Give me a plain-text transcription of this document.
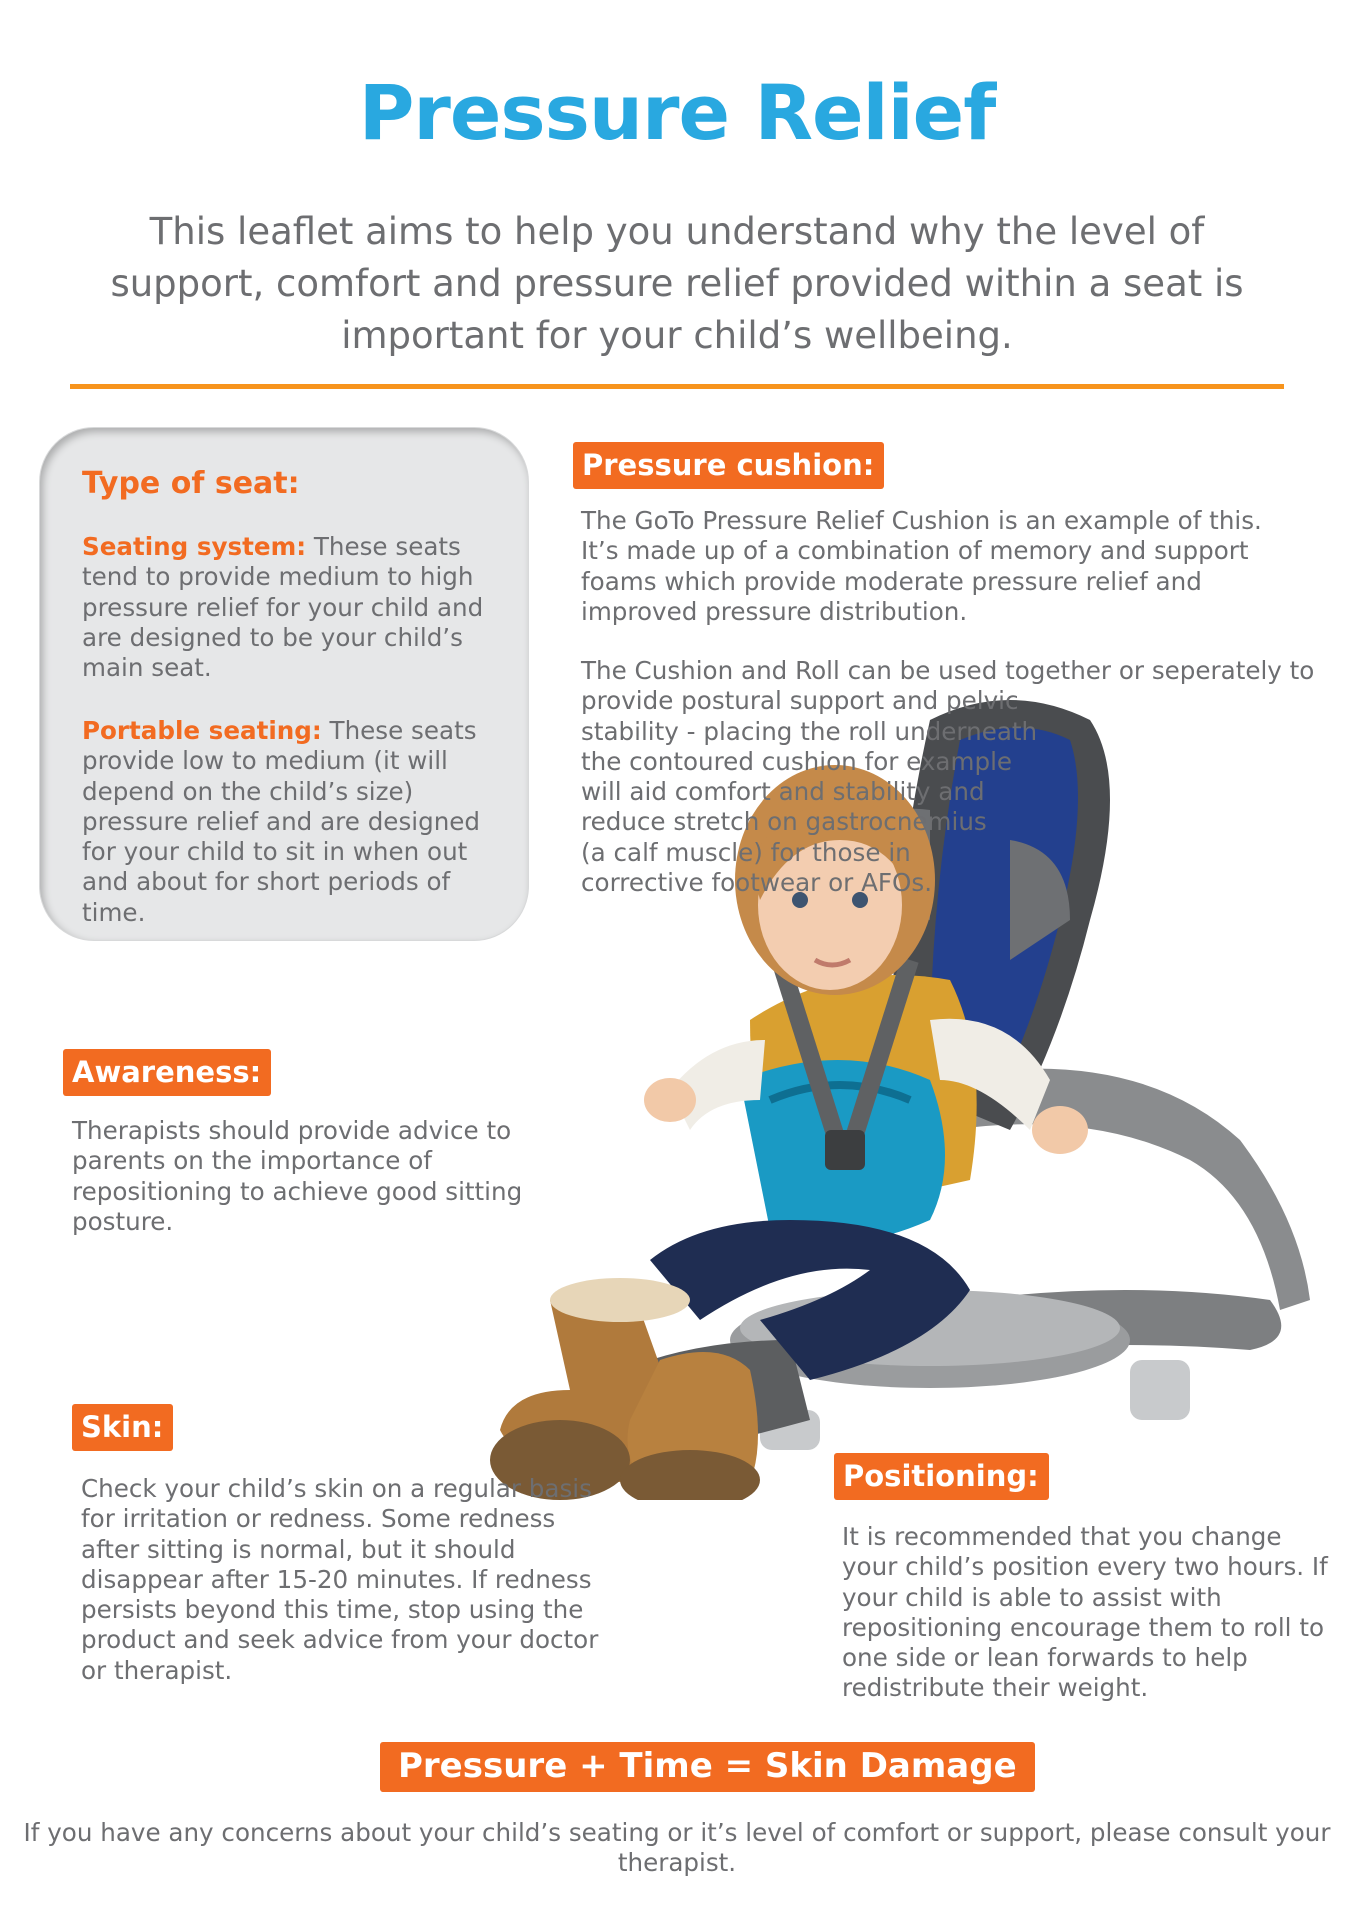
Pressure Relief

This leaflet aims to help you understand why the level of support, comfort and pressure relief provided within a seat is important for your child’s wellbeing.

Type of seat:

Seating system: These seats tend to provide medium to high pressure relief for your child and are designed to be your child’s main seat.

Portable seating: These seats provide low to medium (it will depend on the child’s size) pressure relief and are designed for your child to sit in when out and about for short periods of time.

Pressure cushion:

The GoTo Pressure Relief Cushion is an example of this. It’s made up of a combination of memory and support foams which provide moderate pressure relief and improved pressure distribution.

The Cushion and Roll can be used together or seperately to
provide postural support and pelvic
stability - placing the roll underneath
the contoured cushion for example
will aid comfort and stability and
reduce stretch on gastrocnemius
(a calf muscle) for those in
corrective footwear or AFOs.

Awareness:

Therapists should provide advice to parents on the importance of repositioning to achieve good sitting posture.

Skin:

Check your child’s skin on a regular basis for irritation or redness. Some redness after sitting is normal, but it should disappear after 15-20 minutes. If redness persists beyond this time, stop using the product and seek advice from your doctor or therapist.

Positioning:

It is recommended that you change your child’s position every two hours. If your child is able to assist with repositioning encourage them to roll to one side or lean forwards to help redistribute their weight.

Pressure + Time = Skin Damage

If you have any concerns about your child’s seating or it’s level of comfort or support, please consult your therapist.
